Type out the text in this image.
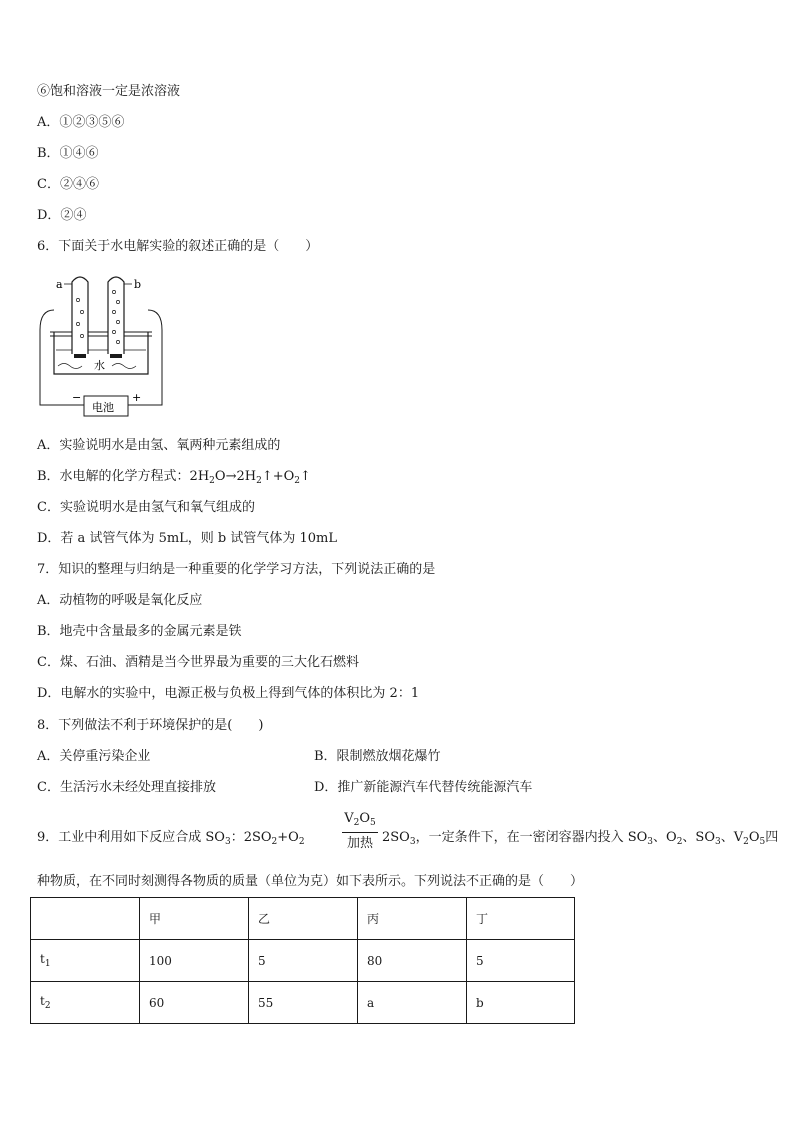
⑥饱和溶液一定是浓溶液
A．①②③⑤⑥
B．①④⑥
C．②④⑥
D．②④
6．下面关于水电解实验的叙述正确的是（　　）
a	b
水
电池
−	+
A．实验说明水是由氢、氧两种元素组成的
B．水电解的化学方程式：$2H_2O\to 2H_2↑+O_2↑$
C．实验说明水是由氢气和氧气组成的
D．若 a 试管气体为 5mL，则 b 试管气体为 10mL
7．知识的整理与归纳是一种重要的化学学习方法，下列说法正确的是
A．动植物的呼吸是氧化反应
B．地壳中含量最多的金属元素是铁
C．煤、石油、酒精是当今世界最为重要的三大化石燃料
D．电解水的实验中，电源正极与负极上得到气体的体积比为 2：1
8．下列做法不利于环境保护的是(　　)
A．关停重污染企业	B．限制燃放烟花爆竹
C．生活污水未经处理直接排放	D．推广新能源汽车代替传统能源汽车
9．工业中利用如下反应合成 $SO_3$：$2SO_2+O_2$
$V_2O_5$
加热 $2SO_3$，一定条件下，在一密闭容器内投入 $SO_3$、$O_2$、$SO_3$、$V_2O_5$四
种物质，在不同时刻测得各物质的质量（单位为克）如下表所示。下列说法不正确的是（　　）
	甲	乙	丙	丁
$t_1$	100	5	80	5
$t_2$	60	55	a	b
